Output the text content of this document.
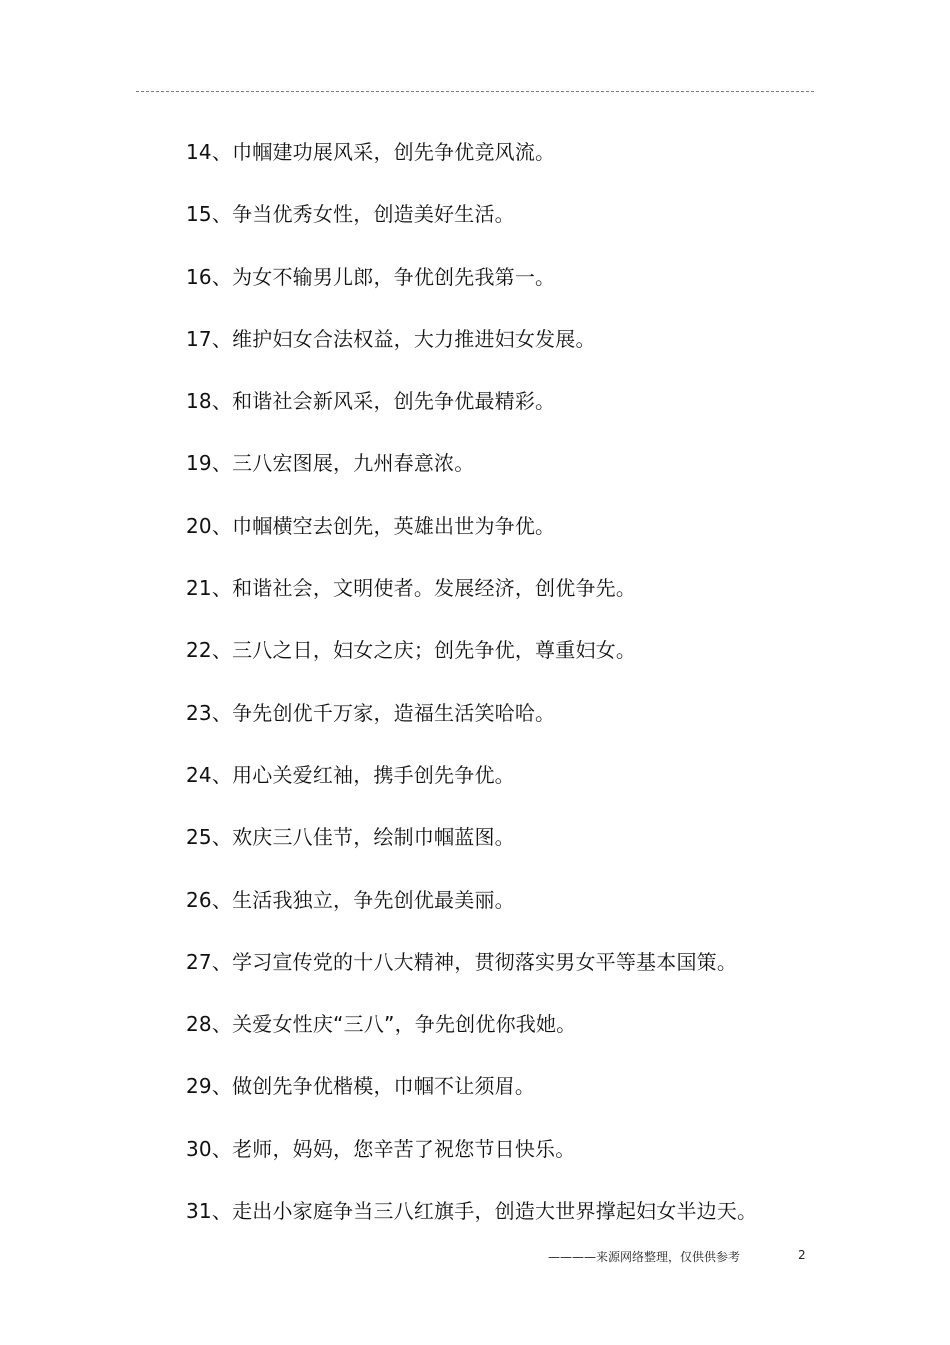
14、巾帼建功展风采，创先争优竞风流。
15、争当优秀女性，创造美好生活。
16、为女不输男儿郎，争优创先我第一。
17、维护妇女合法权益，大力推进妇女发展。
18、和谐社会新风采，创先争优最精彩。
19、三八宏图展，九州春意浓。
20、巾帼横空去创先，英雄出世为争优。
21、和谐社会，文明使者。发展经济，创优争先。
22、三八之日，妇女之庆；创先争优，尊重妇女。
23、争先创优千万家，造福生活笑哈哈。
24、用心关爱红袖，携手创先争优。
25、欢庆三八佳节，绘制巾帼蓝图。
26、生活我独立，争先创优最美丽。
27、学习宣传党的十八大精神，贯彻落实男女平等基本国策。
28、关爱女性庆“三八”，争先创优你我她。
29、做创先争优楷模，巾帼不让须眉。
30、老师，妈妈，您辛苦了祝您节日快乐。
31、走出小家庭争当三八红旗手，创造大世界撑起妇女半边天。
————来源网络整理，仅供供参考	2
